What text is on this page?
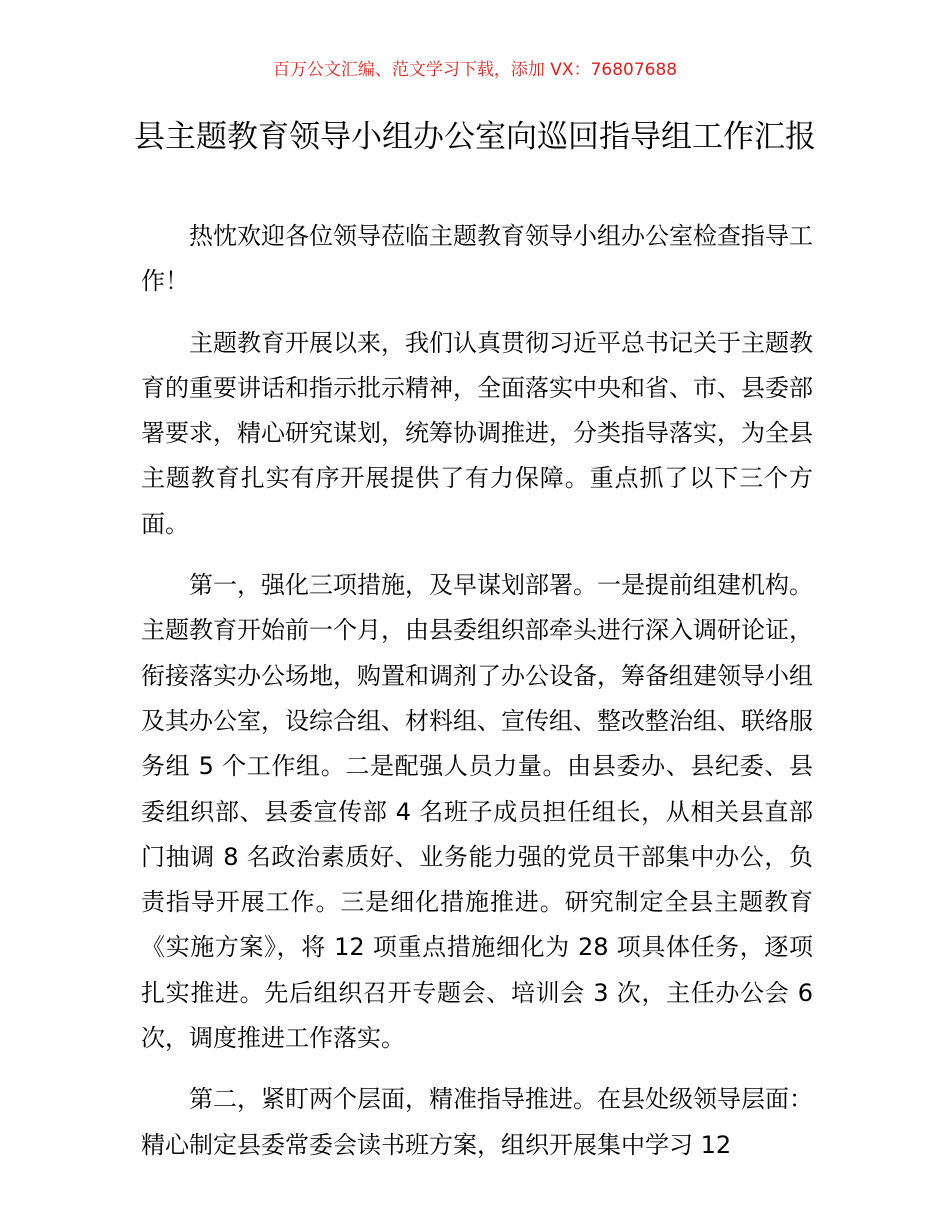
百万公文汇编、范文学习下载，添加 VX：76807688
县主题教育领导小组办公室向巡回指导组工作汇报

热忱欢迎各位领导莅临主题教育领导小组办公室检查指导工作！

主题教育开展以来，我们认真贯彻习近平总书记关于主题教育的重要讲话和指示批示精神，全面落实中央和省、市、县委部署要求，精心研究谋划，统筹协调推进，分类指导落实，为全县主题教育扎实有序开展提供了有力保障。重点抓了以下三个方面。

第一，强化三项措施，及早谋划部署。一是提前组建机构。主题教育开始前一个月，由县委组织部牵头进行深入调研论证，衔接落实办公场地，购置和调剂了办公设备，筹备组建领导小组及其办公室，设综合组、材料组、宣传组、整改整治组、联络服务组 5 个工作组。二是配强人员力量。由县委办、县纪委、县委组织部、县委宣传部 4 名班子成员担任组长，从相关县直部门抽调 8 名政治素质好、业务能力强的党员干部集中办公，负责指导开展工作。三是细化措施推进。研究制定全县主题教育《实施方案》，将 12 项重点措施细化为 28 项具体任务，逐项扎实推进。先后组织召开专题会、培训会 3 次，主任办公会 6 次，调度推进工作落实。

第二，紧盯两个层面，精准指导推进。在县处级领导层面：精心制定县委常委会读书班方案，组织开展集中学习 12
